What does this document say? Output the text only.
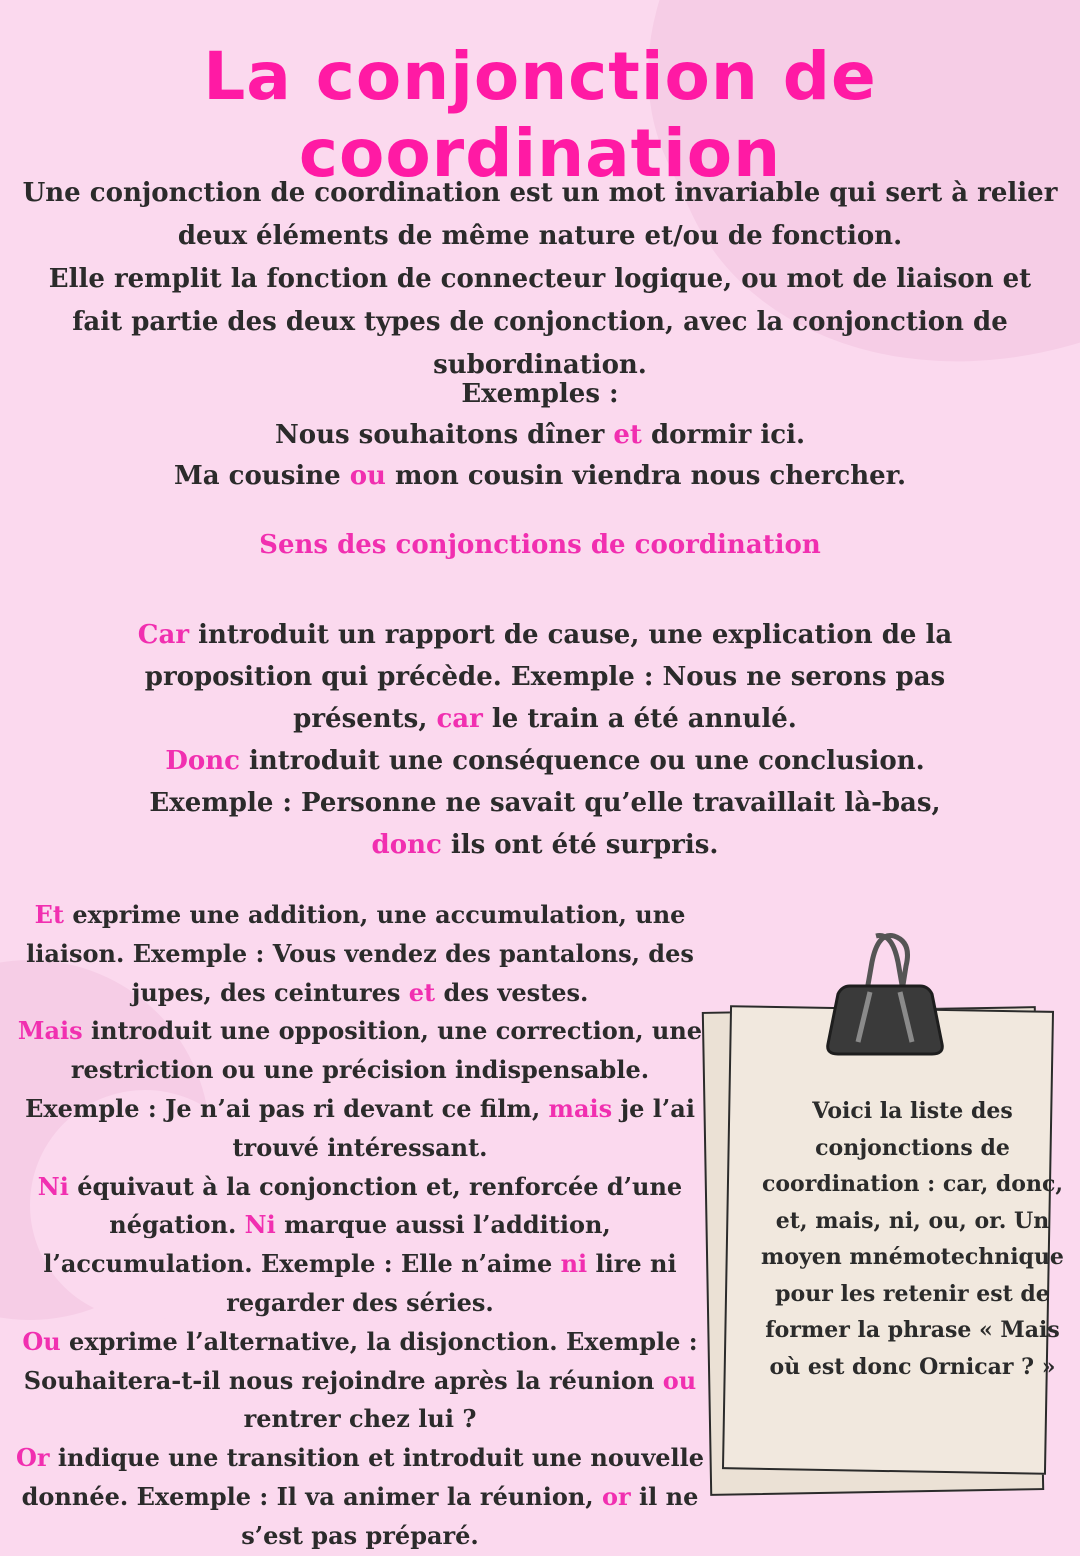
La conjonction de coordination
Une conjonction de coordination est un mot invariable qui sert à relier deux éléments de même nature et/ou de fonction.
Elle remplit la fonction de connecteur logique, ou mot de liaison et fait partie des deux types de conjonction, avec la conjonction de subordination.
Exemples :
Nous souhaitons dîner et dormir ici.
Ma cousine ou mon cousin viendra nous chercher.
Sens des conjonctions de coordination
Car introduit un rapport de cause, une explication de la proposition qui précède. Exemple : Nous ne serons pas présents, car le train a été annulé.
Donc introduit une conséquence ou une conclusion. Exemple : Personne ne savait qu’elle travaillait là-bas, donc ils ont été surpris.
Et exprime une addition, une accumulation, une liaison. Exemple : Vous vendez des pantalons, des jupes, des ceintures et des vestes.
Mais introduit une opposition, une correction, une restriction ou une précision indispensable. Exemple : Je n’ai pas ri devant ce film, mais je l’ai trouvé intéressant.
Ni équivaut à la conjonction et, renforcée d’une négation. Ni marque aussi l’addition, l’accumulation. Exemple : Elle n’aime ni lire ni regarder des séries.
Ou exprime l’alternative, la disjonction. Exemple : Souhaitera-t-il nous rejoindre après la réunion ou rentrer chez lui ?
Or indique une transition et introduit une nouvelle donnée. Exemple : Il va animer la réunion, or il ne s’est pas préparé.
Voici la liste des conjonctions de coordination : car, donc, et, mais, ni, ou, or. Un moyen mnémotechnique pour les retenir est de former la phrase « Mais où est donc Ornicar ? »
